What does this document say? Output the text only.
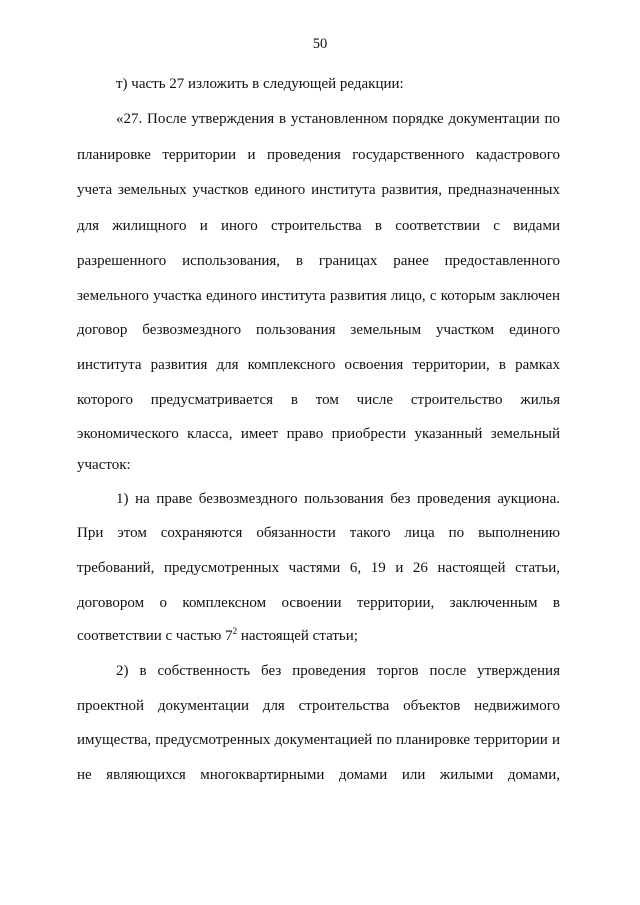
50
т) часть 27 изложить в следующей редакции:
«27. После утверждения в установленном порядке документации по
планировке территории и проведения государственного кадастрового
учета земельных участков единого института развития, предназначенных
для жилищного и иного строительства в соответствии с видами
разрешенного использования, в границах ранее предоставленного
земельного участка единого института развития лицо, с которым заключен
договор безвозмездного пользования земельным участком единого
института развития для комплексного освоения территории, в рамках
которого предусматривается в том числе строительство жилья
экономического класса, имеет право приобрести указанный земельный
участок:
1) на праве безвозмездного пользования без проведения аукциона.
При этом сохраняются обязанности такого лица по выполнению
требований, предусмотренных частями 6, 19 и 26 настоящей статьи,
договором о комплексном освоении территории, заключенным в
соответствии с частью $7^2$ настоящей статьи;
2) в собственность без проведения торгов после утверждения
проектной документации для строительства объектов недвижимого
имущества, предусмотренных документацией по планировке территории и
не являющихся многоквартирными домами или жилыми домами,
